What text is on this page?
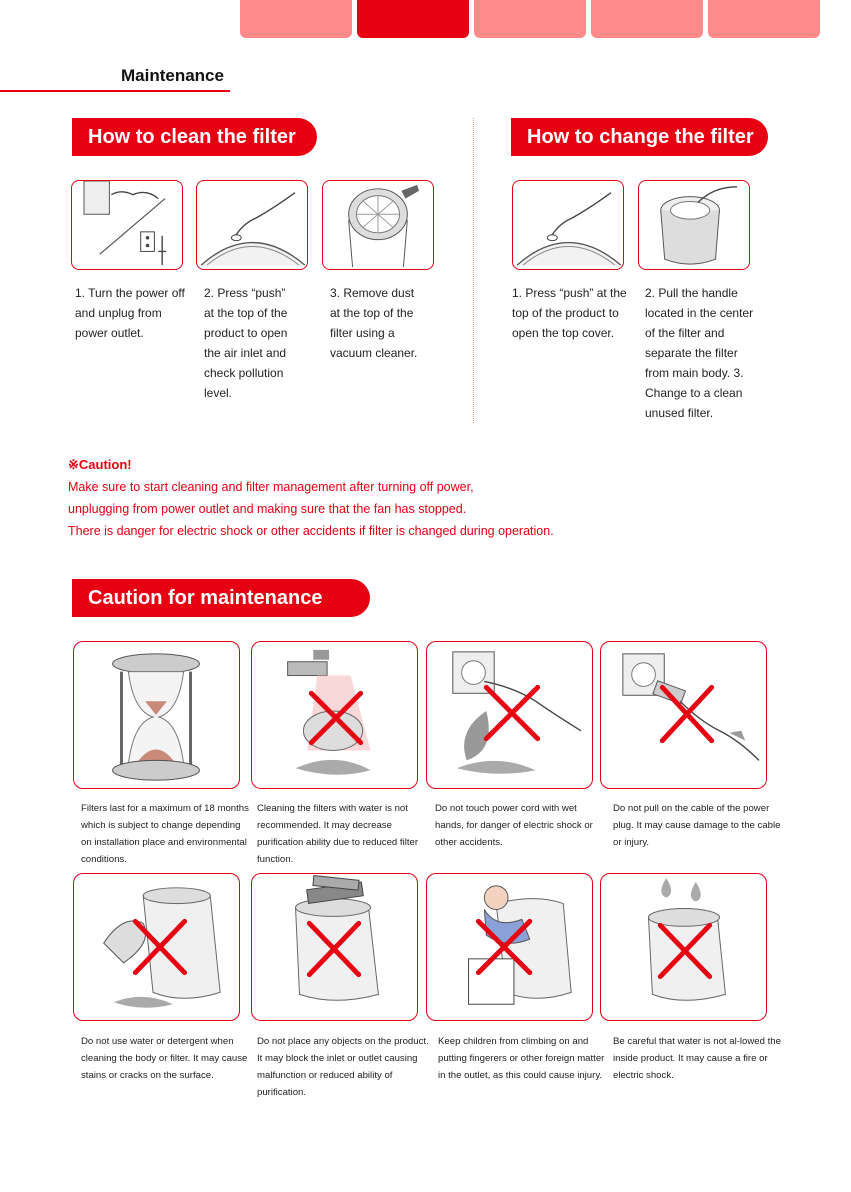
Maintenance
How to clean the filter
1. Turn the power off and unplug from power outlet.
2. Press “push” at the top of the product to open the air inlet and check pollution level.
3. Remove dust at the top of the filter using a vacuum cleaner.
How to change the filter
1. Press “push” at the top of the product to open the top cover.
2. Pull the handle located in the center of the filter and separate the filter from main body. 3. Change to a clean unused filter.
※Caution!
Make sure to start cleaning and filter management after turning off power,
unplugging from power outlet and making sure that the fan has stopped.
There is danger for electric shock or other accidents if filter is changed during operation.
Caution for maintenance
Filters last for a maximum of 18 months which is subject to change depending on installation place and environmental conditions.
Cleaning the filters with water is not recommended. It may decrease purification ability due to reduced filter function.
Do not touch power cord with wet hands, for danger of electric shock or other accidents.
Do not pull on the cable of the power plug. It may cause damage to the cable or injury.
Do not use water or detergent when cleaning the body or filter. It may cause stains or cracks on the surface.
Do not place any objects on the product. It may block the inlet or outlet causing malfunction or reduced ability of purification.
Keep children from climbing on and putting fingerers or other foreign matter in the outlet, as this could cause injury.
Be careful that water is not al-lowed the inside product. It may cause a fire or electric shock.
